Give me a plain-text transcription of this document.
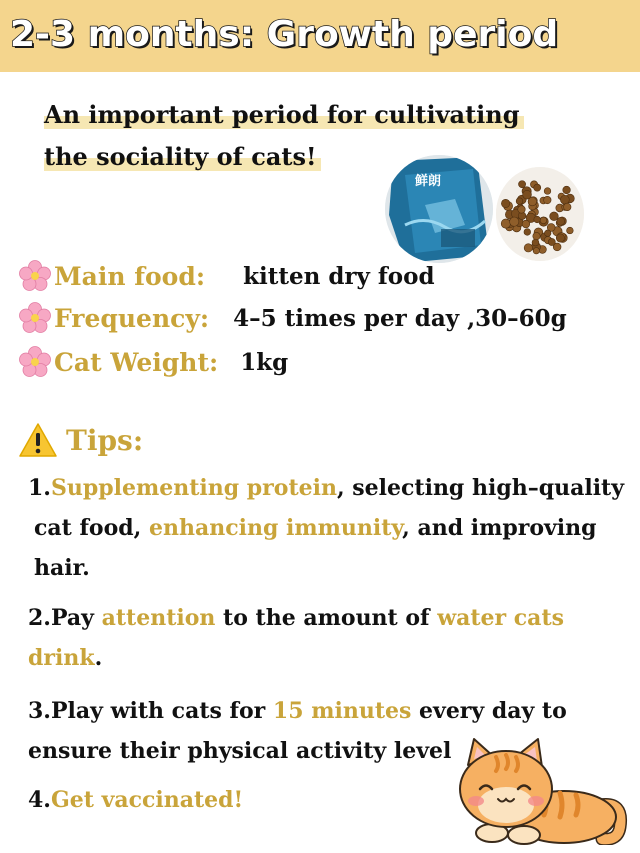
2-3 months: Growth period
An important period for cultivating
the sociality of cats!
鲜朗
Main food: kitten dry food
Frequency: 4–5 times per day ,30–60g
Cat Weight: 1kg
Tips:
1.Supplementing protein, selecting high–quality
cat food, enhancing immunity, and improving
hair.
2.Pay attention to the amount of water cats
drink.
3.Play with cats for 15 minutes every day to
ensure their physical activity level
4.Get vaccinated!
